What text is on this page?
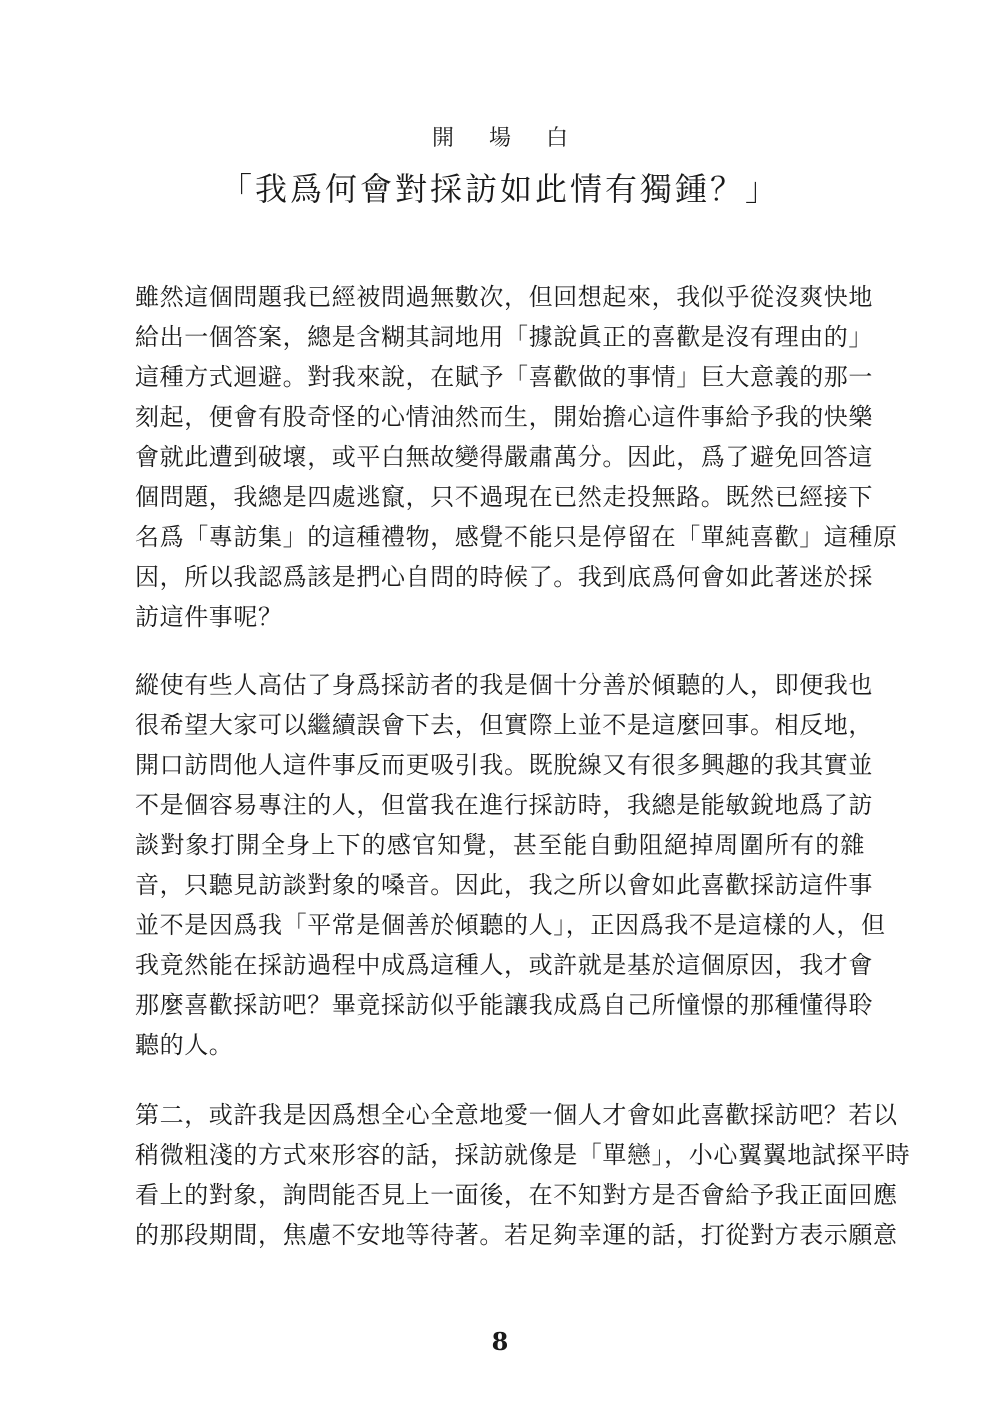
開 場 白
「我爲何會對採訪如此情有獨鍾？」
雖然這個問題我已經被問過無數次，但回想起來，我似乎從沒爽快地
給出一個答案，總是含糊其詞地用「據說眞正的喜歡是沒有理由的」
這種方式迴避。對我來說，在賦予「喜歡做的事情」巨大意義的那一
刻起，便會有股奇怪的心情油然而生，開始擔心這件事給予我的快樂
會就此遭到破壞，或平白無故變得嚴肅萬分。因此，爲了避免回答這
個問題，我總是四處逃竄，只不過現在已然走投無路。既然已經接下
名爲「專訪集」的這種禮物，感覺不能只是停留在「單純喜歡」這種原
因，所以我認爲該是捫心自問的時候了。我到底爲何會如此著迷於採
訪這件事呢？
縱使有些人高估了身爲採訪者的我是個十分善於傾聽的人，即便我也
很希望大家可以繼續誤會下去，但實際上並不是這麼回事。相反地，
開口訪問他人這件事反而更吸引我。既脫線又有很多興趣的我其實並
不是個容易專注的人，但當我在進行採訪時，我總是能敏銳地爲了訪
談對象打開全身上下的感官知覺，甚至能自動阻絕掉周圍所有的雜
音，只聽見訪談對象的嗓音。因此，我之所以會如此喜歡採訪這件事
並不是因爲我「平常是個善於傾聽的人」，正因爲我不是這樣的人，但
我竟然能在採訪過程中成爲這種人，或許就是基於這個原因，我才會
那麼喜歡採訪吧？畢竟採訪似乎能讓我成爲自己所憧憬的那種懂得聆
聽的人。
第二，或許我是因爲想全心全意地愛一個人才會如此喜歡採訪吧？若以
稍微粗淺的方式來形容的話，採訪就像是「單戀」，小心翼翼地試探平時
看上的對象，詢問能否見上一面後，在不知對方是否會給予我正面回應
的那段期間，焦慮不安地等待著。若足夠幸運的話，打從對方表示願意
8
